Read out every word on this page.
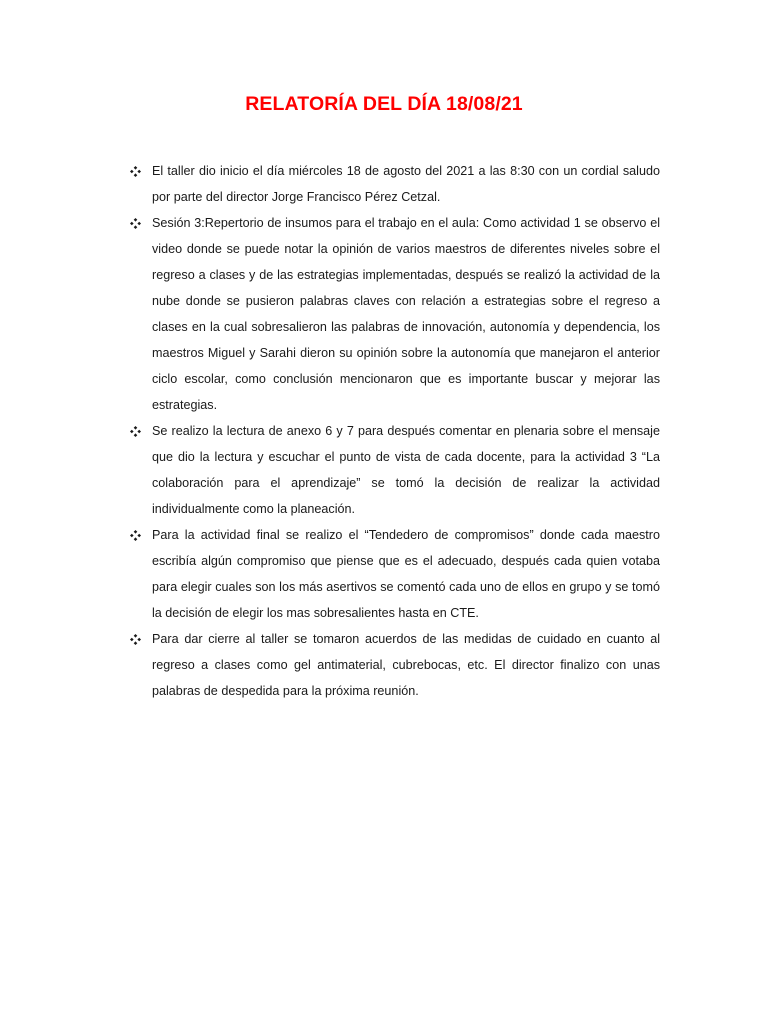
RELATORÍA DEL DÍA 18/08/21
El taller dio inicio el día miércoles 18 de agosto del 2021 a las 8:30 con un cordial saludo por parte del director Jorge Francisco Pérez Cetzal.
Sesión 3:Repertorio de insumos para el trabajo en el aula: Como actividad 1 se observo el video donde se puede notar la opinión de varios maestros de diferentes niveles sobre el regreso a clases y de las estrategias implementadas, después se realizó la actividad de la nube donde se pusieron palabras claves con relación a estrategias sobre el regreso a clases en la cual sobresalieron las palabras de innovación, autonomía y dependencia, los maestros Miguel y Sarahi dieron su opinión sobre la autonomía que manejaron el anterior ciclo escolar, como conclusión mencionaron que es importante buscar y mejorar las estrategias.
Se realizo la lectura de anexo 6 y 7 para después comentar en plenaria sobre el mensaje que dio la lectura y escuchar el punto de vista de cada docente, para la actividad 3 “La colaboración para el aprendizaje” se tomó la decisión de realizar la actividad individualmente como la planeación.
Para la actividad final se realizo el “Tendedero de compromisos” donde cada maestro escribía algún compromiso que piense que es el adecuado, después cada quien votaba para elegir cuales son los más asertivos se comentó cada uno de ellos en grupo y se tomó la decisión de elegir los mas sobresalientes hasta en CTE.
Para dar cierre al taller se tomaron acuerdos de las medidas de cuidado en cuanto al regreso a clases como gel antimaterial, cubrebocas, etc. El director finalizo con unas palabras de despedida para la próxima reunión.
